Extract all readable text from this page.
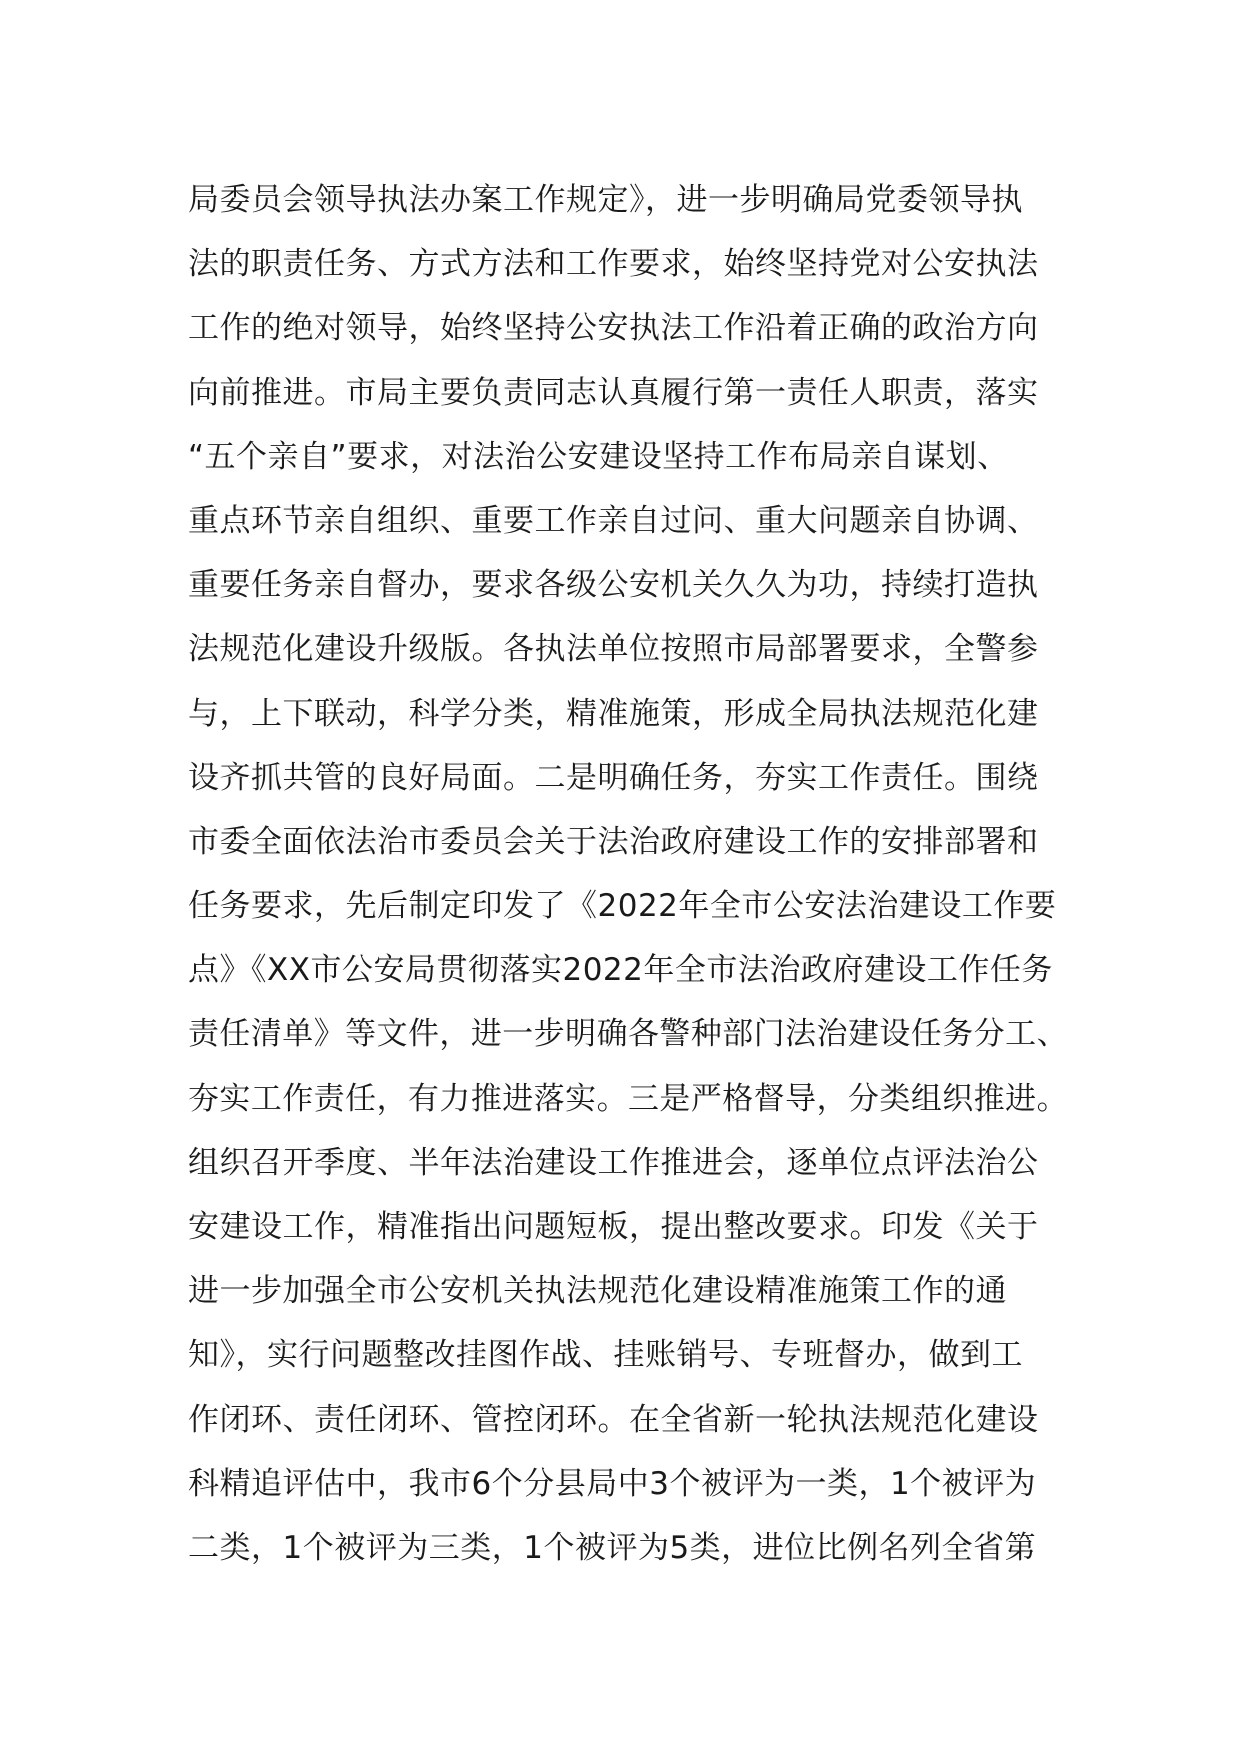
局委员会领导执法办案工作规定》，进一步明确局党委领导执
法的职责任务、方式方法和工作要求，始终坚持党对公安执法
工作的绝对领导，始终坚持公安执法工作沿着正确的政治方向
向前推进。市局主要负责同志认真履行第一责任人职责，落实
“五个亲自”要求，对法治公安建设坚持工作布局亲自谋划、
重点环节亲自组织、重要工作亲自过问、重大问题亲自协调、
重要任务亲自督办，要求各级公安机关久久为功，持续打造执
法规范化建设升级版。各执法单位按照市局部署要求，全警参
与，上下联动，科学分类，精准施策，形成全局执法规范化建
设齐抓共管的良好局面。二是明确任务，夯实工作责任。围绕
市委全面依法治市委员会关于法治政府建设工作的安排部署和
任务要求，先后制定印发了《2022年全市公安法治建设工作要
点》《XX市公安局贯彻落实2022年全市法治政府建设工作任务
责任清单》等文件，进一步明确各警种部门法治建设任务分工、
夯实工作责任，有力推进落实。三是严格督导，分类组织推进。
组织召开季度、半年法治建设工作推进会，逐单位点评法治公
安建设工作，精准指出问题短板，提出整改要求。印发《关于
进一步加强全市公安机关执法规范化建设精准施策工作的通
知》，实行问题整改挂图作战、挂账销号、专班督办，做到工
作闭环、责任闭环、管控闭环。在全省新一轮执法规范化建设
科精追评估中，我市6个分县局中3个被评为一类，1个被评为
二类，1个被评为三类，1个被评为5类，进位比例名列全省第
